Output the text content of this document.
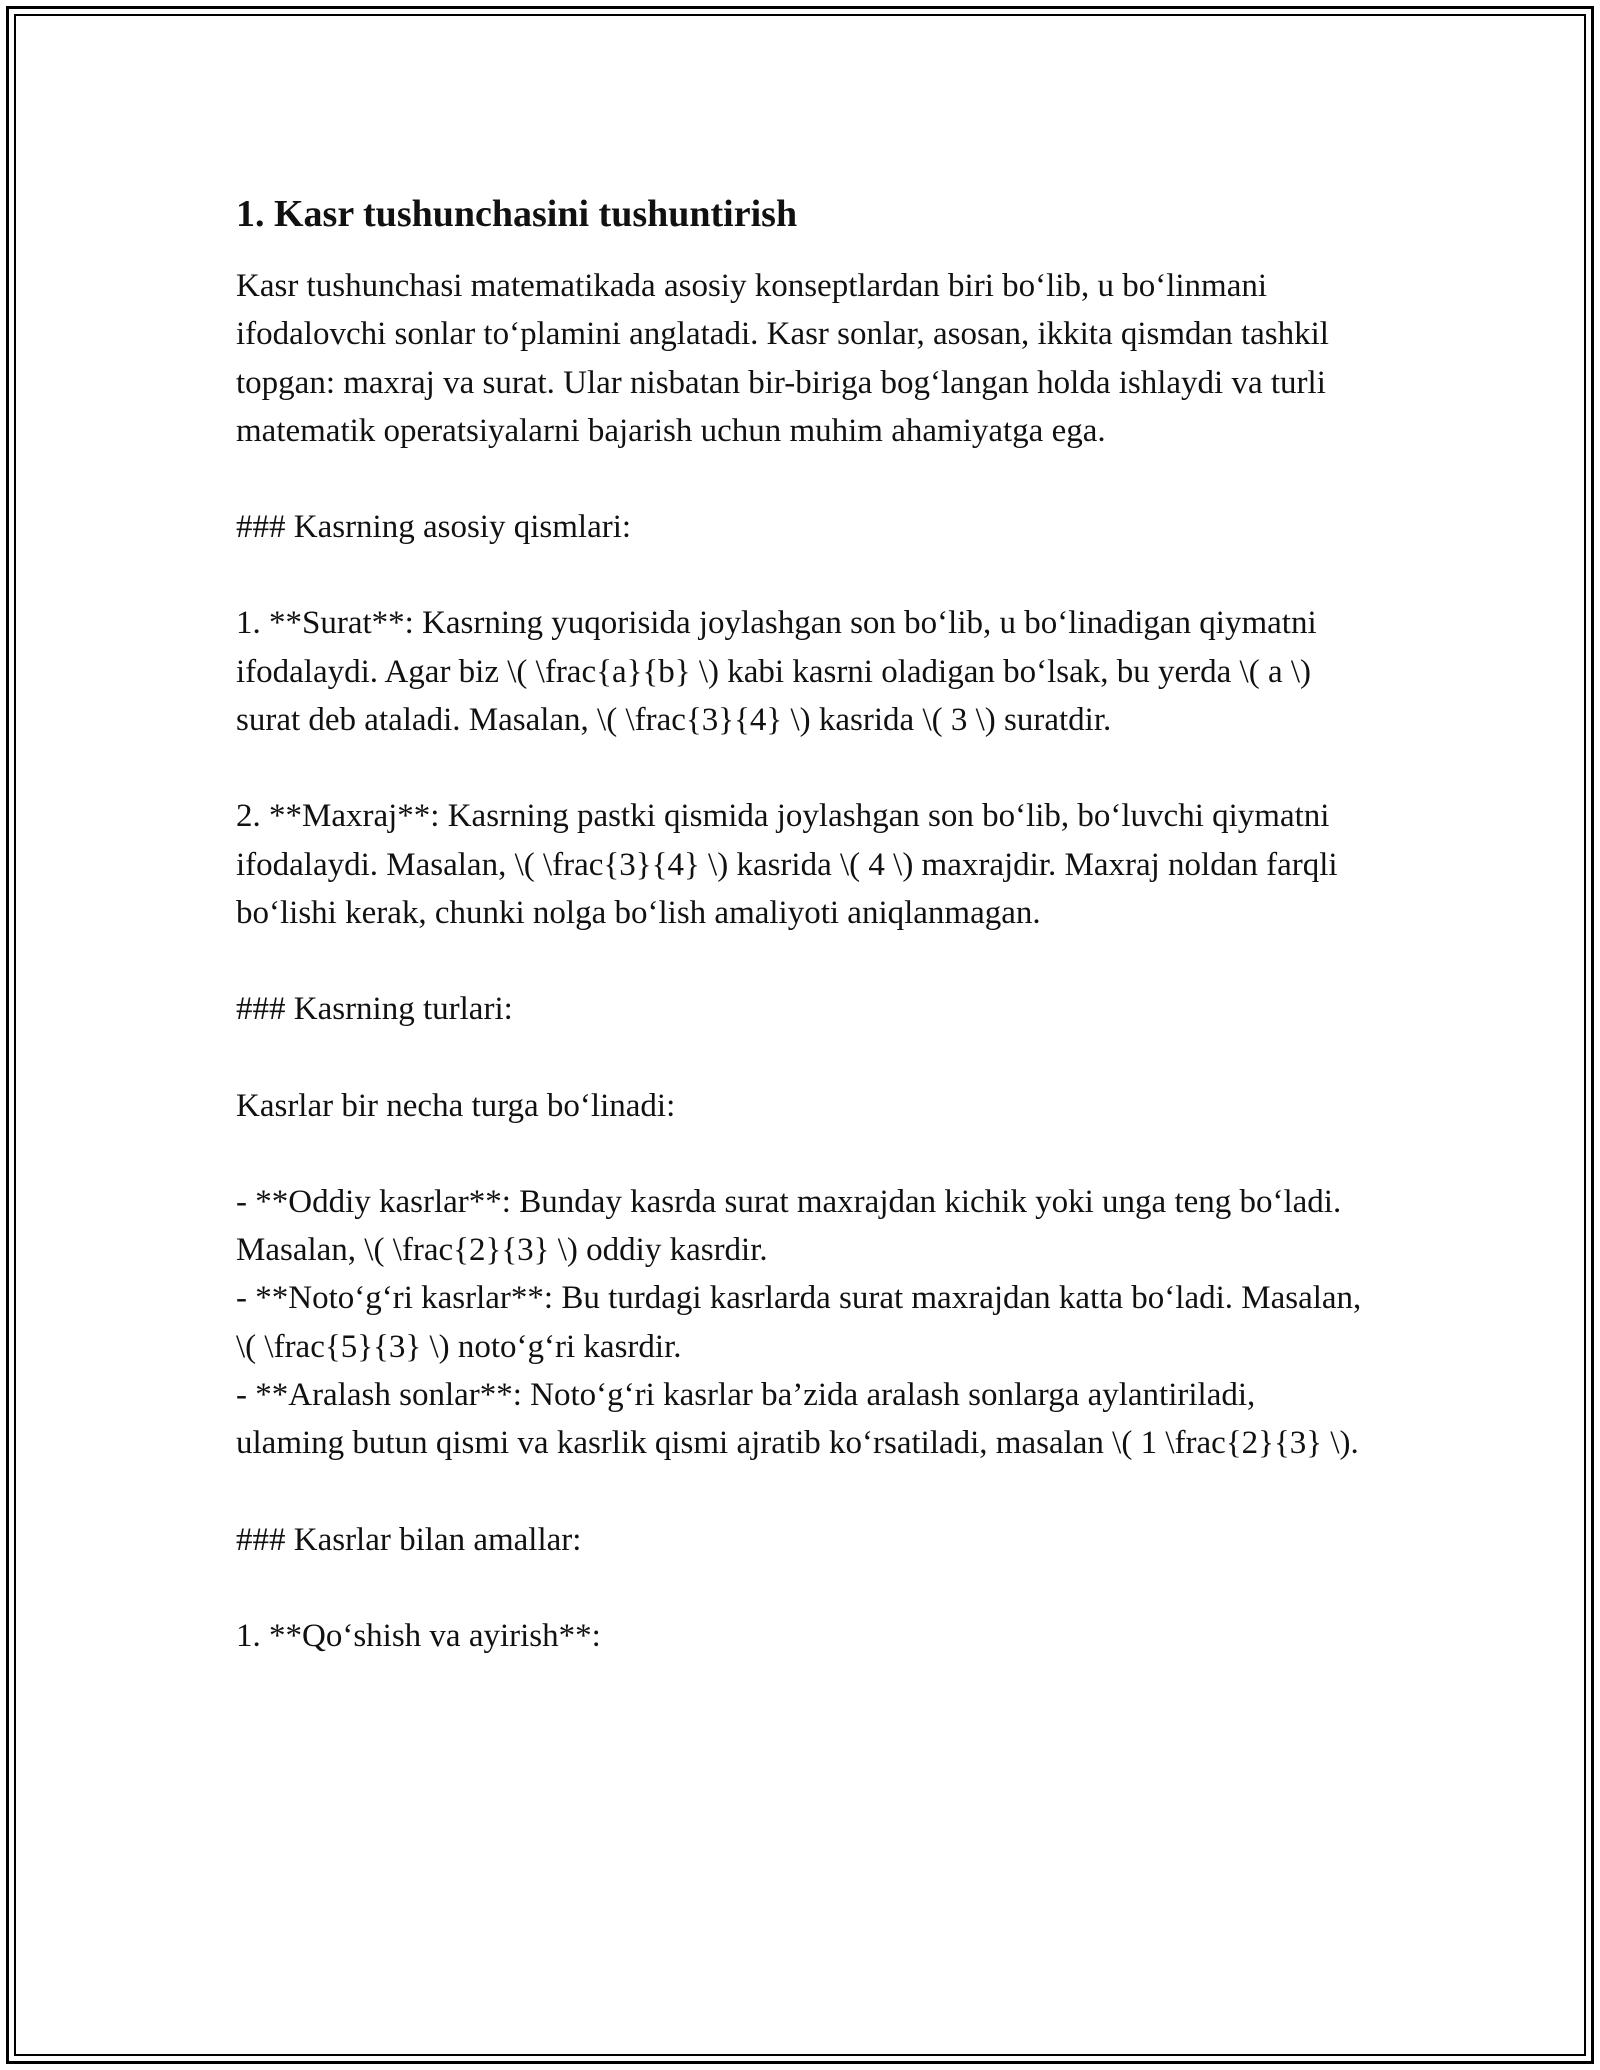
1. Kasr tushunchasini tushuntirish

Kasr tushunchasi matematikada asosiy konseptlardan biri bo‘lib, u bo‘linmani ifodalovchi sonlar to‘plamini anglatadi. Kasr sonlar, asosan, ikkita qismdan tashkil topgan: maxraj va surat. Ular nisbatan bir-biriga bog‘langan holda ishlaydi va turli matematik operatsiyalarni bajarish uchun muhim ahamiyatga ega.

### Kasrning asosiy qismlari:

1. **Surat**: Kasrning yuqorisida joylashgan son bo‘lib, u bo‘linadigan qiymatni ifodalaydi. Agar biz \( \frac{a}{b} \) kabi kasrni oladigan bo‘lsak, bu yerda \( a \) surat deb ataladi. Masalan, \( \frac{3}{4} \) kasrida \( 3 \) suratdir.

2. **Maxraj**: Kasrning pastki qismida joylashgan son bo‘lib, bo‘luvchi qiymatni ifodalaydi. Masalan, \( \frac{3}{4} \) kasrida \( 4 \) maxrajdir. Maxraj noldan farqli bo‘lishi kerak, chunki nolga bo‘lish amaliyoti aniqlanmagan.

### Kasrning turlari:

Kasrlar bir necha turga bo‘linadi:

- **Oddiy kasrlar**: Bunday kasrda surat maxrajdan kichik yoki unga teng bo‘ladi. Masalan, \( \frac{2}{3} \) oddiy kasrdir.

- **Noto‘g‘ri kasrlar**: Bu turdagi kasrlarda surat maxrajdan katta bo‘ladi. Masalan, \( \frac{5}{3} \) noto‘g‘ri kasrdir.

- **Aralash sonlar**: Noto‘g‘ri kasrlar ba’zida aralash sonlarga aylantiriladi, ulaming butun qismi va kasrlik qismi ajratib ko‘rsatiladi, masalan \( 1 \frac{2}{3} \).

### Kasrlar bilan amallar:

1. **Qo‘shish va ayirish**:
